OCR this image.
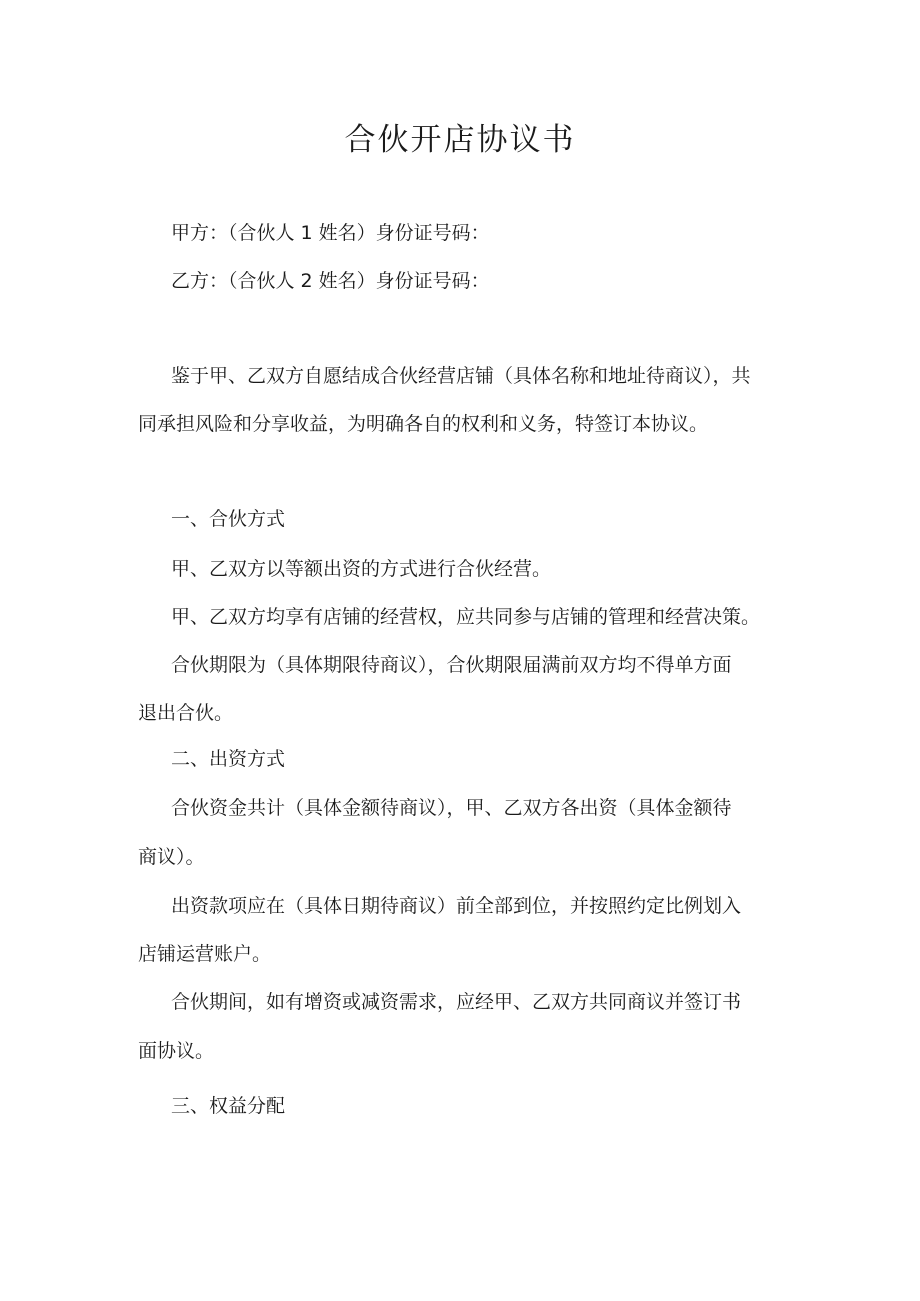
合伙开店协议书

甲方：（合伙人 1 姓名）身份证号码：

乙方：（合伙人 2 姓名）身份证号码：

鉴于甲、乙双方自愿结成合伙经营店铺（具体名称和地址待商议），共

同承担风险和分享收益，为明确各自的权利和义务，特签订本协议。

一、合伙方式

甲、乙双方以等额出资的方式进行合伙经营。

甲、乙双方均享有店铺的经营权，应共同参与店铺的管理和经营决策。

合伙期限为（具体期限待商议），合伙期限届满前双方均不得单方面

退出合伙。

二、出资方式

合伙资金共计（具体金额待商议），甲、乙双方各出资（具体金额待

商议）。

出资款项应在（具体日期待商议）前全部到位，并按照约定比例划入

店铺运营账户。

合伙期间，如有增资或减资需求，应经甲、乙双方共同商议并签订书

面协议。

三、权益分配
